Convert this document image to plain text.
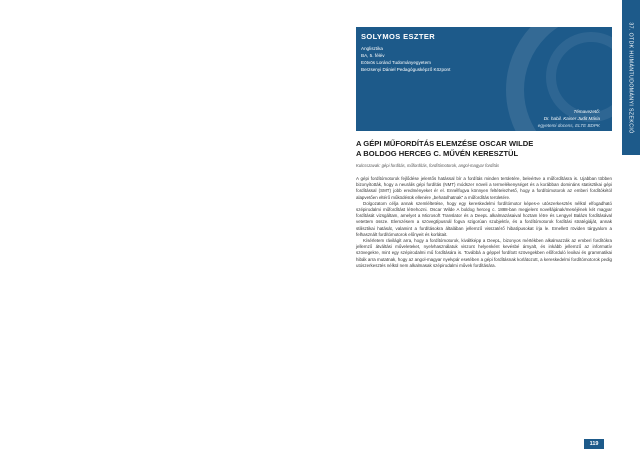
37. OTDK HUMÁNTUDOMÁNYI SZEKCIÓ
SOLYMOS ESZTER
Anglisztika
BA, 5. félév
Eötvös Loránd Tudományegyetem
Berzsenyi Dániel Pedagógusképző Központ
Témavezető:
Dr. habil. Kaiser Judit Mária
egyetemi docens, ELTE BDPK
A GÉPI MŰFORDÍTÁS ELEMZÉSE OSCAR WILDE
A BOLDOG HERCEG C. MŰVÉN KERESZTÜL
Kulcsszavak: gépi fordítás, műfordítás, fordítómotorok, angol-magyar fordítás

A gépi fordítómotorok fejlődése jelentős hatással bír a fordítás minden területére, beleértve a műfordításra is. Ujabban többen bizonyították, hogy a neurális gépi fordítás (NMT) módszer növeli a termelékenységet és a korábban domináns statisztikai gépi fordítással (SMT) jobb eredményeket ér el. Ennélfogva könnyen feltételezhető, hogy a fordítómotorok az emberi fordítókétól alapvetően eltérő működésük ellenére „behatolhatnak” a műfordítás területére.

Dolgozatom célja annak szemléltetése, hogy egy kereskedelmi fordítómotor képes-e utószerkesztés nélkül elfogadható szépirodalmi műfordítást létrehozni. Oscar Wilde A boldog herceg c. 1888-ban megjelent novellájának/meséjének két magyar fordítását vizsgáltam, amelyet a Microsoft Translator és a DeepL alkalmazásaival hoztam létre és Lengyel Balázs fordításával vetettem össze. Elemzésem a szövegtípusnál fogva szigorúan szubjektív, és a fordítómotorok fordítási stratégiáját, annak stilisztikai hatását, valamint a fordításokra általában jellemző visszatérő hibatípusokat írja le. Emellett röviden tárgyalom a felhasznált fordítómotorok előnyeit és korlátait.

Kísérletem rávilágít arra, hogy a fordítómotorok, kiváltképp a DeepL, bizonyos mértékben alkalmazzák az emberi fordítókra jellemző átváltási műveleteket, nyelvhasználatuk viszont helyenként kevésbé árnyalt, és inkább jellemző az informatív szövegekre, mint egy szépirodalmi mű fordítására is. Továbbá a géppel fordított szövegekben előforduló lexikai és grammatikai hibák arra mutatnak, hogy az angol-magyar nyelvpár esetében a gépi fordításnak korlátozott, a kereskedelmi fordítómotorok pedig utószerkesztés nélkül nem alkalmasak szépirodalmi művek fordítására.

119
